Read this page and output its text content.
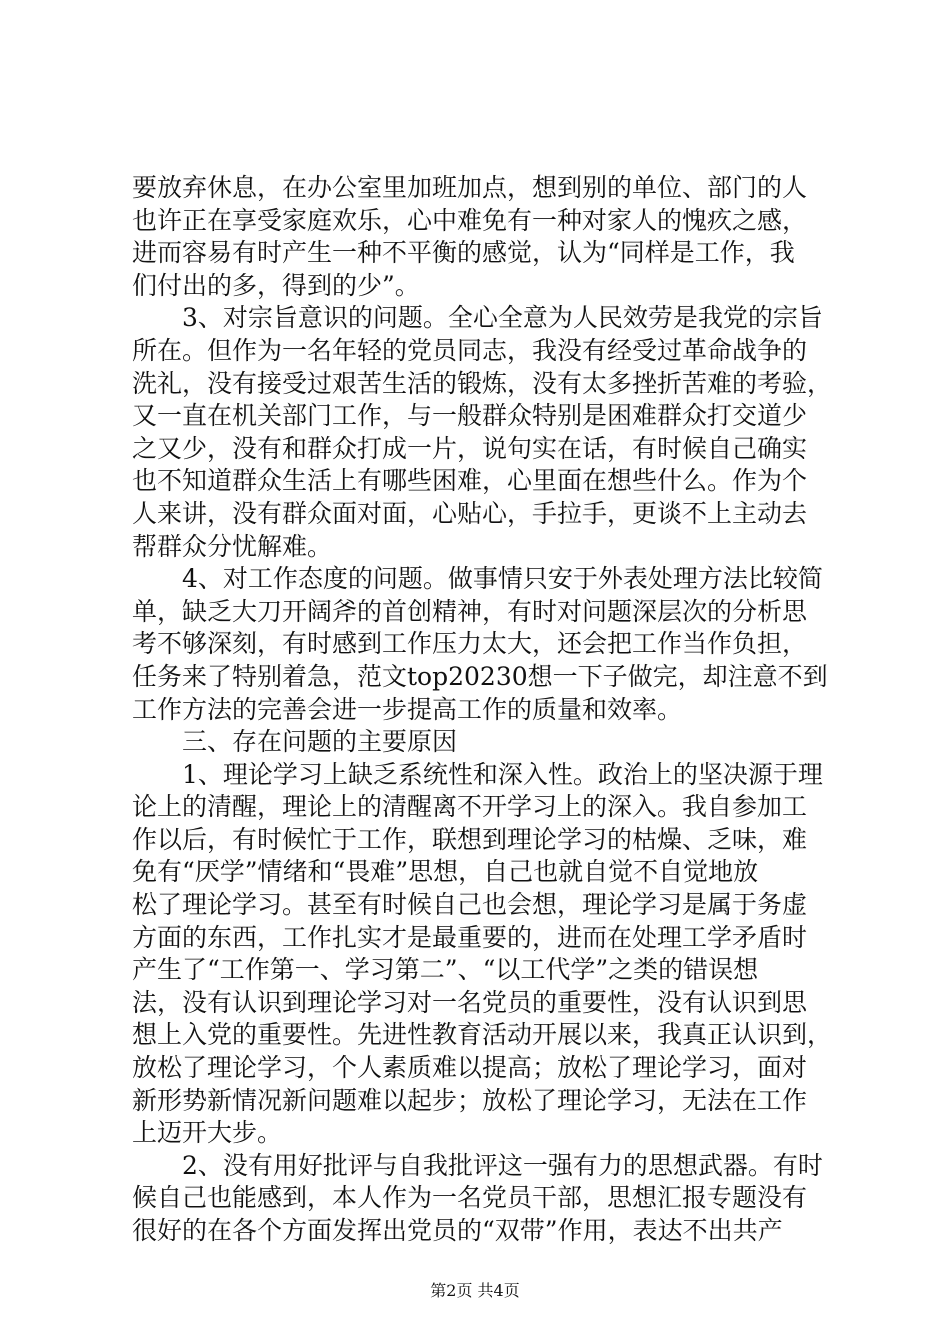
要放弃休息，在办公室里加班加点，想到别的单位、部门的人
也许正在享受家庭欢乐，心中难免有一种对家人的愧疚之感，
进而容易有时产生一种不平衡的感觉，认为“同样是工作，我
们付出的多，得到的少”。
3、对宗旨意识的问题。全心全意为人民效劳是我党的宗旨
所在。但作为一名年轻的党员同志，我没有经受过革命战争的
洗礼，没有接受过艰苦生活的锻炼，没有太多挫折苦难的考验，
又一直在机关部门工作，与一般群众特别是困难群众打交道少
之又少，没有和群众打成一片，说句实在话，有时候自己确实
也不知道群众生活上有哪些困难，心里面在想些什么。作为个
人来讲，没有群众面对面，心贴心，手拉手，更谈不上主动去
帮群众分忧解难。
4、对工作态度的问题。做事情只安于外表处理方法比较简
单，缺乏大刀开阔斧的首创精神，有时对问题深层次的分析思
考不够深刻，有时感到工作压力太大，还会把工作当作负担，
任务来了特别着急，范文top20230想一下子做完，却注意不到
工作方法的完善会进一步提高工作的质量和效率。
三、存在问题的主要原因
1、理论学习上缺乏系统性和深入性。政治上的坚决源于理
论上的清醒，理论上的清醒离不开学习上的深入。我自参加工
作以后，有时候忙于工作，联想到理论学习的枯燥、乏味，难
免有“厌学”情绪和“畏难”思想，自己也就自觉不自觉地放
松了理论学习。甚至有时候自己也会想，理论学习是属于务虚
方面的东西，工作扎实才是最重要的，进而在处理工学矛盾时
产生了“工作第一、学习第二”、“以工代学”之类的错误想
法，没有认识到理论学习对一名党员的重要性，没有认识到思
想上入党的重要性。先进性教育活动开展以来，我真正认识到，
放松了理论学习，个人素质难以提高；放松了理论学习，面对
新形势新情况新问题难以起步；放松了理论学习，无法在工作
上迈开大步。
2、没有用好批评与自我批评这一强有力的思想武器。有时
候自己也能感到，本人作为一名党员干部，思想汇报专题没有
很好的在各个方面发挥出党员的“双带”作用，表达不出共产
第2页 共4页
